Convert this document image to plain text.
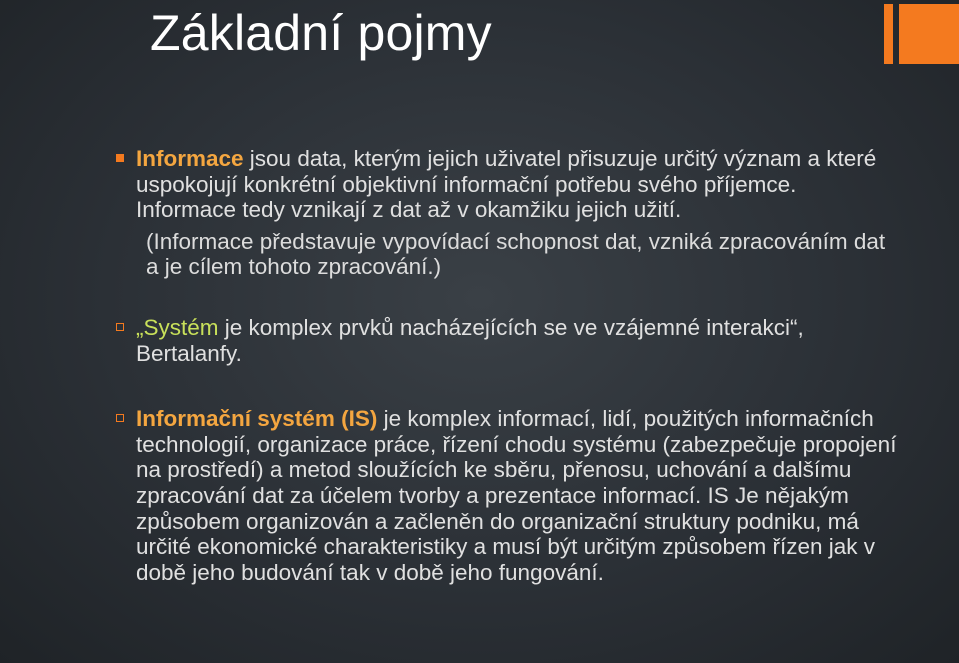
Základní pojmy
Informace jsou data, kterým jejich uživatel přisuzuje určitý význam a které uspokojují konkrétní objektivní informační potřebu svého příjemce. Informace tedy vznikají z dat až v okamžiku jejich užití.
(Informace představuje vypovídací schopnost dat, vzniká zpracováním dat a je cílem tohoto zpracování.)
„Systém je komplex prvků nacházejících se ve vzájemné interakci“, Bertalanfy.
Informační systém (IS) je komplex informací, lidí, použitých informačních technologií, organizace práce, řízení chodu systému (zabezpečuje propojení na prostředí) a metod sloužících ke sběru, přenosu, uchování a dalšímu zpracování dat za účelem tvorby a prezentace informací. IS Je nějakým způsobem organizován a začleněn do organizační struktury podniku, má určité ekonomické charakteristiky a musí být určitým způsobem řízen jak v době jeho budování tak v době jeho fungování.
